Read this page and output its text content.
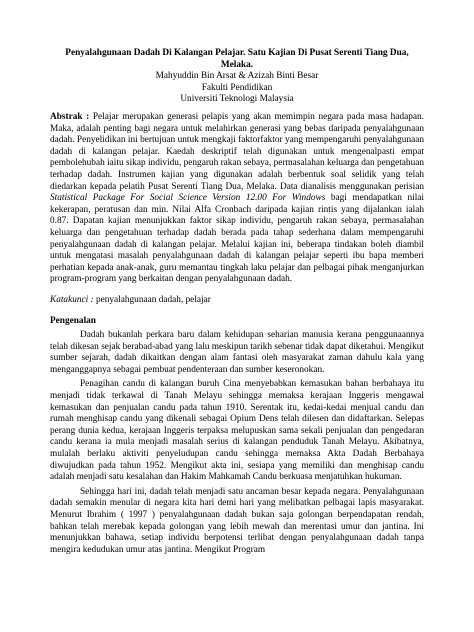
Penyalahgunaan Dadah Di Kalangan Pelajar. Satu Kajian Di Pusat Serenti Tiang Dua, Melaka.
Mahyuddin Bin Arsat & Azizah Binti Besar
Fakulti Pendidikan
Universiti Teknologi Malaysia
Abstrak : Pelajar merupakan generasi pelapis yang akan memimpin negara pada masa hadapan. Maka, adalah penting bagi negara untuk melahirkan generasi yang bebas daripada penyalahgunaan dadah. Penyelidikan ini bertujuan untuk mengkaji faktorfaktor yang mempengaruhi penyalahgunaan dadah di kalangan pelajar. Kaedah deskriptif telah digunakan untuk mengenalpasti empat pembolehubah iaitu sikap individu, pengaruh rakan sebaya, permasalahan keluarga dan pengetahuan terhadap dadah. Instrumen kajian yang digunakan adalah berbentuk soal selidik yang telah diedarkan kepada pelatih Pusat Serenti Tiang Dua, Melaka. Data dianalisis menggunakan perisian Statistical Package For Social Science Version 12.00 For Windows bagi mendapatkan nilai kekerapan, peratusan dan min. Nilai Alfa Cronbach daripada kajian rintis yang dijalankan ialah 0.87. Dapatan kajian menunjukkan faktor sikap individu, pengaruh rakan sebaya, permasalahan keluarga dan pengetahuan terhadap dadah berada pada tahap sederhana dalam mempengaruhi penyalahgunaan dadah di kalangan pelajar. Melalui kajian ini, beberapa tindakan boleh diambil untuk mengatasi masalah penyalahgunaan dadah di kalangan pelajar seperti ibu bapa memberi perhatian kepada anak-anak, guru memantau tingkah laku pelajar dan pelbagai pihak menganjurkan program-program yang berkaitan dengan penyalahgunaan dadah.
Katakunci : penyalahgunaan dadah, pelajar
Pengenalan
Dadah bukanlah perkara baru dalam kehidupan seharian manusia kerana penggunaannya telah dikesan sejak berabad-abad yang lalu meskipun tarikh sebenar tidak dapat diketahui. Mengikut sumber sejarah, dadah dikaitkan dengan alam fantasi oleh masyarakat zaman dahulu kala yang menganggapnya sebagai pembuat pendenteraan dan sumber keseronokan.
Penagihan candu di kalangan buruh Cina menyebabkan kemasukan bahan berbahaya itu menjadi tidak terkawal di Tanah Melayu sehingga memaksa kerajaan Inggeris mengawal kemasukan dan penjualan candu pada tahun 1910. Serentak itu, kedai-kedai menjual candu dan rumah menghisap candu yang dikenali sebagai Opium Dens telah dilesen dan didaftarkan. Selepas perang dunia kedua, kerajaan Inggeris terpaksa melupuskan sama sekali penjualan dan pengedaran candu kerana ia mula menjadi masalah serius di kalangan penduduk Tanah Melayu. Akibatnya, mulalah berlaku aktiviti penyeludupan candu sehingga memaksa Akta Dadah Berbahaya diwujudkan pada tahun 1952. Mengikut akta ini, sesiapa yang memiliki dan menghisap candu adalah menjadi satu kesalahan dan Hakim Mahkamah Candu berkuasa menjatuhkan hukuman.
Sehingga hari ini, dadah telah menjadi satu ancaman besar kepada negara. Penyalahgunaan dadah semakin menular di negara kita hari demi hari yang melibatkan pelbagai lapis masyarakat. Menurut Ibrahim ( 1997 ) penyalahgunaan dadah bukan saja golongan berpendapatan rendah, bahkan telah merebak kepada golongan yang lebih mewah dan merentasi umur dan jantina. Ini menunjukkan bahawa, setiap individu berpotensi terlibat dengan penyalahgunaan dadah tanpa mengira kedudukan umur atas jantina. Mengikut Program
